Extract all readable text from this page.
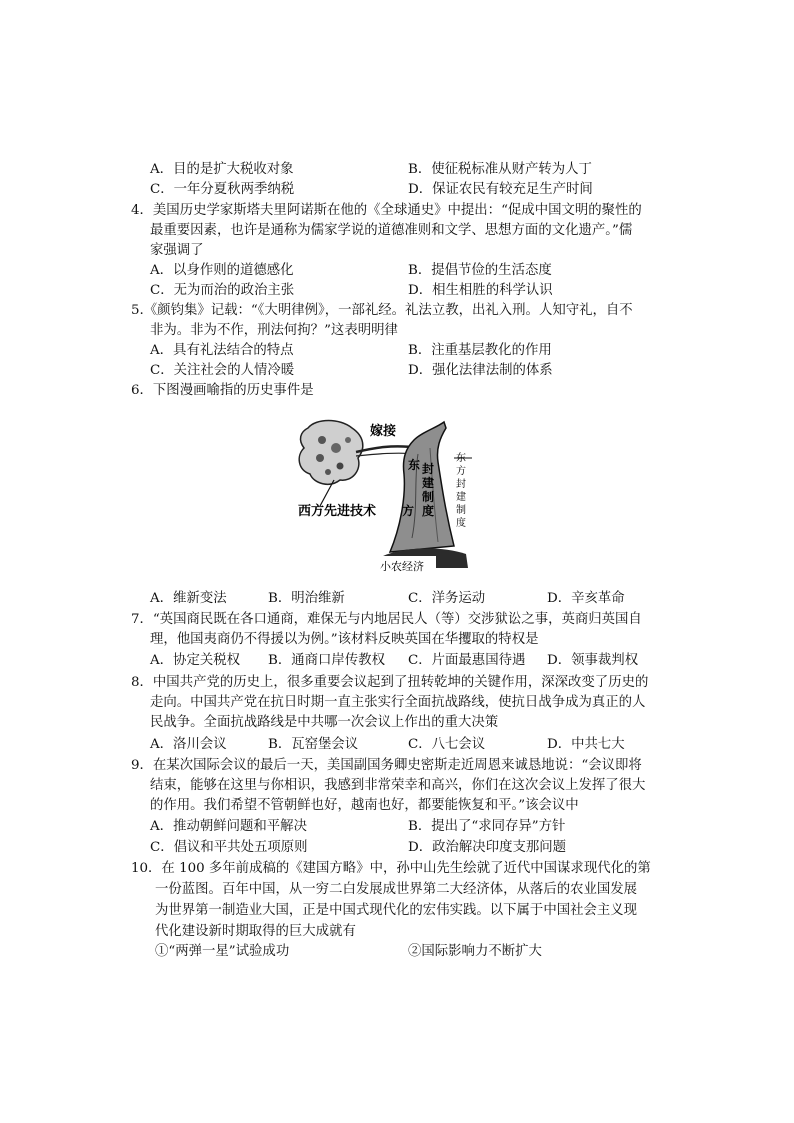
A．目的是扩大税收对象	B．使征税标准从财产转为人丁
C．一年分夏秋两季纳税	D．保证农民有较充足生产时间
4．美国历史学家斯塔夫里阿诺斯在他的《全球通史》中提出：“促成中国文明的聚性的
最重要因素，也许是通称为儒家学说的道德准则和文学、思想方面的文化遗产。”儒
家强调了
A．以身作则的道德感化	B．提倡节俭的生活态度
C．无为而治的政治主张	D．相生相胜的科学认识
5.《颜钧集》记载：“《大明律例》，一部礼经。礼法立教，出礼入刑。人知守礼，自不
非为。非为不作，刑法何拘？”这表明明律
A．具有礼法结合的特点	B．注重基层教化的作用
C．关注社会的人情冷暖	D．强化法律法制的体系
6．下图漫画喻指的历史事件是
嫁接
西方先进技术
东
方
封
建
制
度
东
方
封
建
制
度
小农经济
A．维新变法	B．明治维新	C．洋务运动	D．辛亥革命
7．“英国商民既在各口通商，难保无与内地居民人（等）交涉狱讼之事，英商归英国自
理，他国夷商仍不得援以为例。”该材料反映英国在华攫取的特权是
A．协定关税权 B．通商口岸传教权 C．片面最惠国待遇 D．领事裁判权
8．中国共产党的历史上，很多重要会议起到了扭转乾坤的关键作用，深深改变了历史的
走向。中国共产党在抗日时期一直主张实行全面抗战路线，使抗日战争成为真正的人
民战争。全面抗战路线是中共哪一次会议上作出的重大决策
A．洛川会议	B．瓦窑堡会议	C．八七会议	D．中共七大
9．在某次国际会议的最后一天，美国副国务卿史密斯走近周恩来诚恳地说：“会议即将
结束，能够在这里与你相识，我感到非常荣幸和高兴，你们在这次会议上发挥了很大
的作用。我们希望不管朝鲜也好，越南也好，都要能恢复和平。”该会议中
A．推动朝鲜问题和平解决	B．提出了“求同存异”方针
C．倡议和平共处五项原则	D．政治解决印度支那问题
10．在 100 多年前成稿的《建国方略》中，孙中山先生绘就了近代中国谋求现代化的第
一份蓝图。百年中国，从一穷二白发展成世界第二大经济体，从落后的农业国发展
为世界第一制造业大国，正是中国式现代化的宏伟实践。以下属于中国社会主义现
代化建设新时期取得的巨大成就有
①“两弹一星”试验成功	②国际影响力不断扩大
